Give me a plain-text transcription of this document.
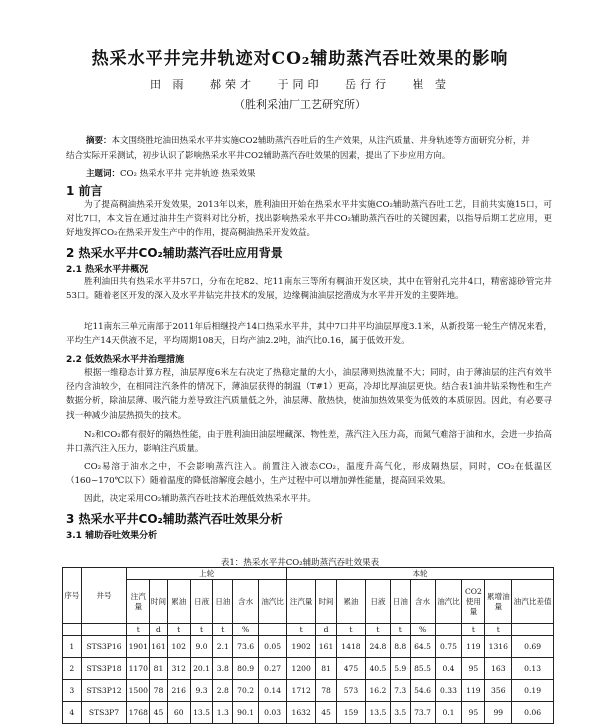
热采水平井完井轨迹对CO₂辅助蒸汽吞吐效果的影响
田 雨 郝荣才 于同印 岳行行 崔 莹
（胜利采油厂工艺研究所）
摘要：本文围绕胜坨油田热采水平井实施CO2辅助蒸汽吞吐后的生产效果，从注汽质量、井身轨迹等方面研究分析，并结合实际开采测试，初步认识了影响热采水平井CO2辅助蒸汽吞吐效果的因素，提出了下步应用方向。
主题词：CO₂ 热采水平井 完井轨迹 热采效果
1 前言
为了提高稠油热采开发效果，2013年以来，胜利油田开始在热采水平井实施CO₂辅助蒸汽吞吐工艺，目前共实施15口，可对比7口，本文旨在通过油井生产资料对比分析，找出影响热采水平井CO₂辅助蒸汽吞吐的关键因素，以指导后期工艺应用，更好地发挥CO₂在热采开发生产中的作用，提高稠油热采开发效益。
2 热采水平井CO₂辅助蒸汽吞吐应用背景
2.1 热采水平井概况
胜利油田共有热采水平井57口，分布在坨82、坨11南东三等所有稠油开发区块，其中在管射孔完井4口，精密滤砂管完井53口。随着老区开发的深入及水平井钻完井技术的发展，边缘稠油油层挖潜成为水平井开发的主要阵地。
坨11南东三单元南部于2011年后相继投产14口热采水平井，其中7口井平均油层厚度3.1米，从新投第一轮生产情况来看，平均生产14天供液不足，平均周期108天，日均产油2.2吨，油汽比0.16，属于低效开发。
2.2 低效热采水平井治理措施
根据一维稳态计算方程，油层厚度6米左右决定了热稳定量的大小，油层薄则热流量不大；同时，由于薄油层的注汽有效半径内含油较少，在相同注汽条件的情况下，薄油层获得的制温（T#1）更高，冷却比厚油层更快。结合表1油井钻采物性和生产数据分析，除油层薄、吸汽能力差导致注汽质量低之外，油层薄、散热快，使油加热效果变为低效的本质原因。因此，有必要寻找一种减少油层热损失的技术。
N₂和CO₂都有很好的隔热性能，由于胜利油田油层埋藏深、物性差，蒸汽注入压力高，而氮气难溶于油和水，会进一步抬高井口蒸汽注入压力，影响注汽质量。
CO₂易溶于油水之中，不会影响蒸汽注入。前置注入液态CO₂，温度升高气化，形成隔热层，同时，CO₂在低温区（160~170℃以下）随着温度的降低溶解度会越小，生产过程中可以增加弹性能量，提高回采效果。
因此，决定采用CO₂辅助蒸汽吞吐技术治理低效热采水平井。
3 热采水平井CO₂辅助蒸汽吞吐效果分析
3.1 辅助吞吐效果分析
表1：热采水平井CO₂辅助蒸汽吞吐效果表
序号	井号	上轮							本轮									
		注汽量	时间	累油	日液	日油	含水	油汽比	注汽量	时间	累油	日液	日油	含水	油汽比	CO2使用量	累增油量	油汽比差值
		t	d	t	t	t	%		t	d	t	t	t	%		t	t	
1	STS3P16	1901	161	102	9.0	2.1	73.6	0.05	1902	161	1418	24.8	8.8	64.5	0.75	119	1316	0.69
2	STS3P18	1170	81	312	20.1	3.8	80.9	0.27	1200	81	475	40.5	5.9	85.5	0.4	95	163	0.13
3	STS3P12	1500	78	216	9.3	2.8	70.2	0.14	1712	78	573	16.2	7.3	54.6	0.33	119	356	0.19
4	STS3P7	1768	45	60	13.5	1.3	90.1	0.03	1632	45	159	13.5	3.5	73.7	0.1	95	99	0.06
